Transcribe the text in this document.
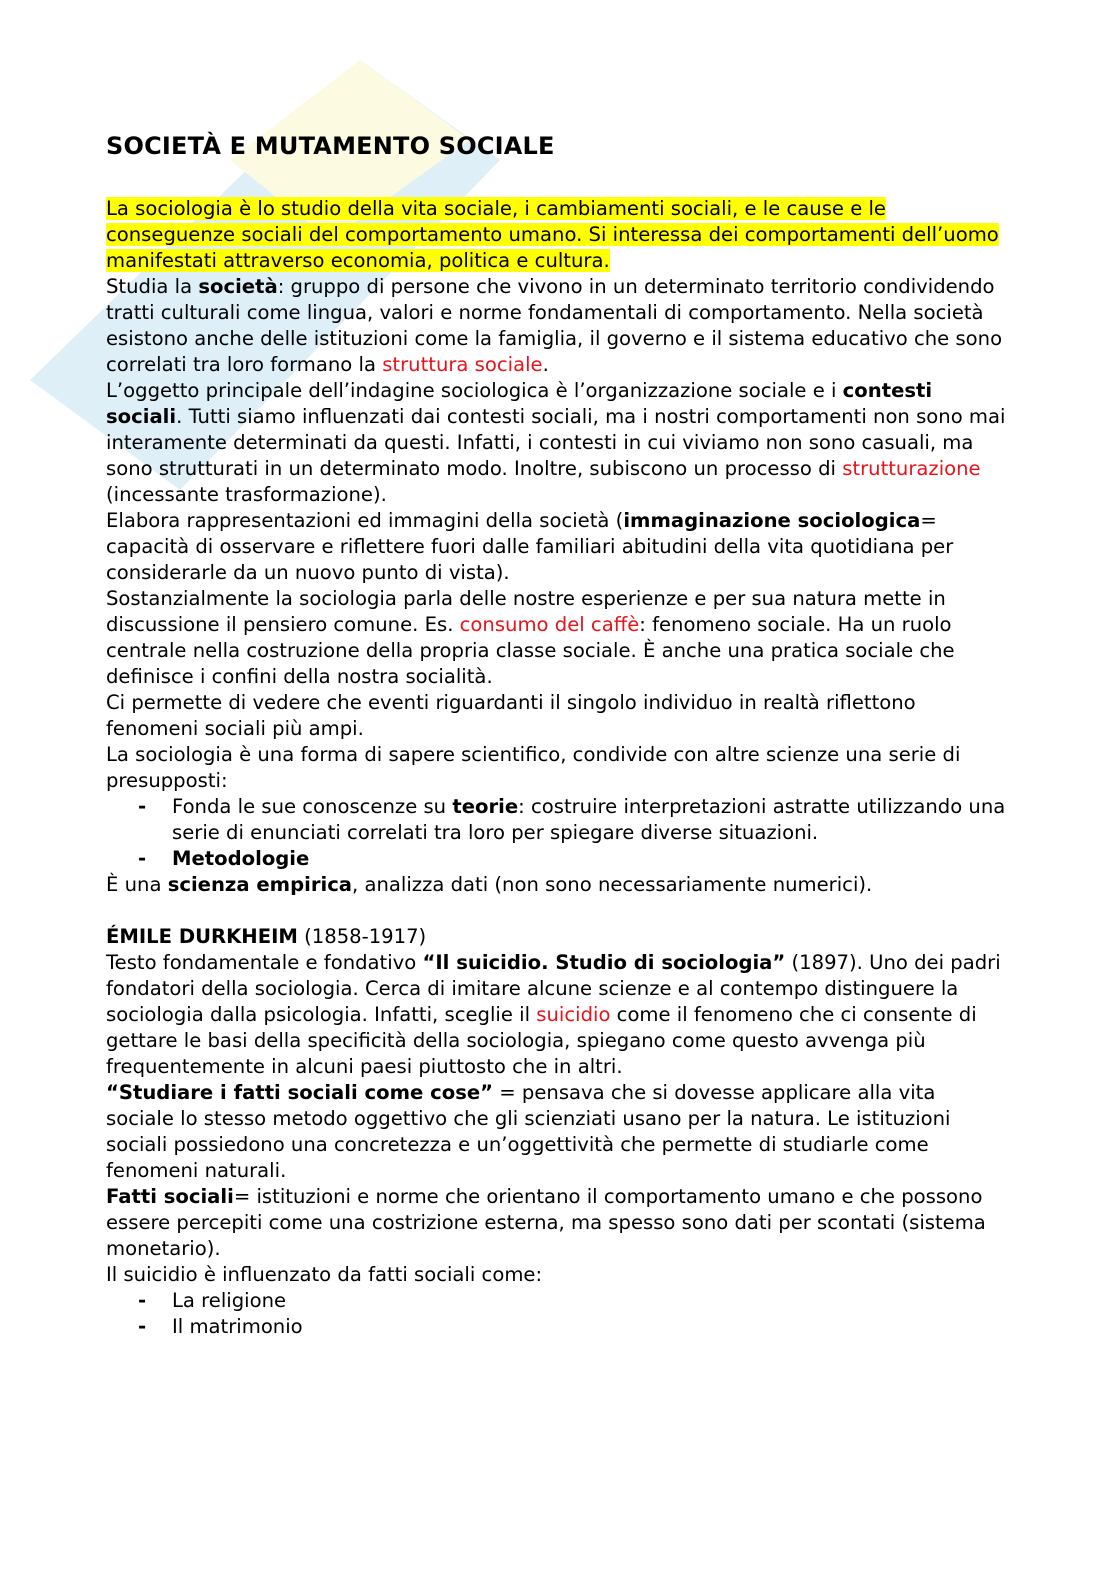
SOCIETÀ E MUTAMENTO SOCIALE

La sociologia è lo studio della vita sociale, i cambiamenti sociali, e le cause e le conseguenze sociali del comportamento umano. Si interessa dei comportamenti dell’uomo manifestati attraverso economia, politica e cultura.

Studia la società: gruppo di persone che vivono in un determinato territorio condividendo tratti culturali come lingua, valori e norme fondamentali di comportamento. Nella società esistono anche delle istituzioni come la famiglia, il governo e il sistema educativo che sono correlati tra loro formano la struttura sociale.

L’oggetto principale dell’indagine sociologica è l’organizzazione sociale e i contesti sociali. Tutti siamo influenzati dai contesti sociali, ma i nostri comportamenti non sono mai interamente determinati da questi. Infatti, i contesti in cui viviamo non sono casuali, ma sono strutturati in un determinato modo. Inoltre, subiscono un processo di strutturazione (incessante trasformazione).

Elabora rappresentazioni ed immagini della società (immaginazione sociologica= capacità di osservare e riflettere fuori dalle familiari abitudini della vita quotidiana per considerarle da un nuovo punto di vista).

Sostanzialmente la sociologia parla delle nostre esperienze e per sua natura mette in discussione il pensiero comune. Es. consumo del caffè: fenomeno sociale. Ha un ruolo centrale nella costruzione della propria classe sociale. È anche una pratica sociale che definisce i confini della nostra socialità.

Ci permette di vedere che eventi riguardanti il singolo individuo in realtà riflettono fenomeni sociali più ampi.

La sociologia è una forma di sapere scientifico, condivide con altre scienze una serie di presupposti:

- Fonda le sue conoscenze su teorie: costruire interpretazioni astratte utilizzando una serie di enunciati correlati tra loro per spiegare diverse situazioni.
- Metodologie

È una scienza empirica, analizza dati (non sono necessariamente numerici).

ÉMILE DURKHEIM (1858-1917)

Testo fondamentale e fondativo “Il suicidio. Studio di sociologia” (1897). Uno dei padri fondatori della sociologia. Cerca di imitare alcune scienze e al contempo distinguere la sociologia dalla psicologia. Infatti, sceglie il suicidio come il fenomeno che ci consente di gettare le basi della specificità della sociologia, spiegano come questo avvenga più frequentemente in alcuni paesi piuttosto che in altri.

“Studiare i fatti sociali come cose” = pensava che si dovesse applicare alla vita sociale lo stesso metodo oggettivo che gli scienziati usano per la natura. Le istituzioni sociali possiedono una concretezza e un’oggettività che permette di studiarle come fenomeni naturali.

Fatti sociali= istituzioni e norme che orientano il comportamento umano e che possono essere percepiti come una costrizione esterna, ma spesso sono dati per scontati (sistema monetario).

Il suicidio è influenzato da fatti sociali come:

- La religione
- Il matrimonio
